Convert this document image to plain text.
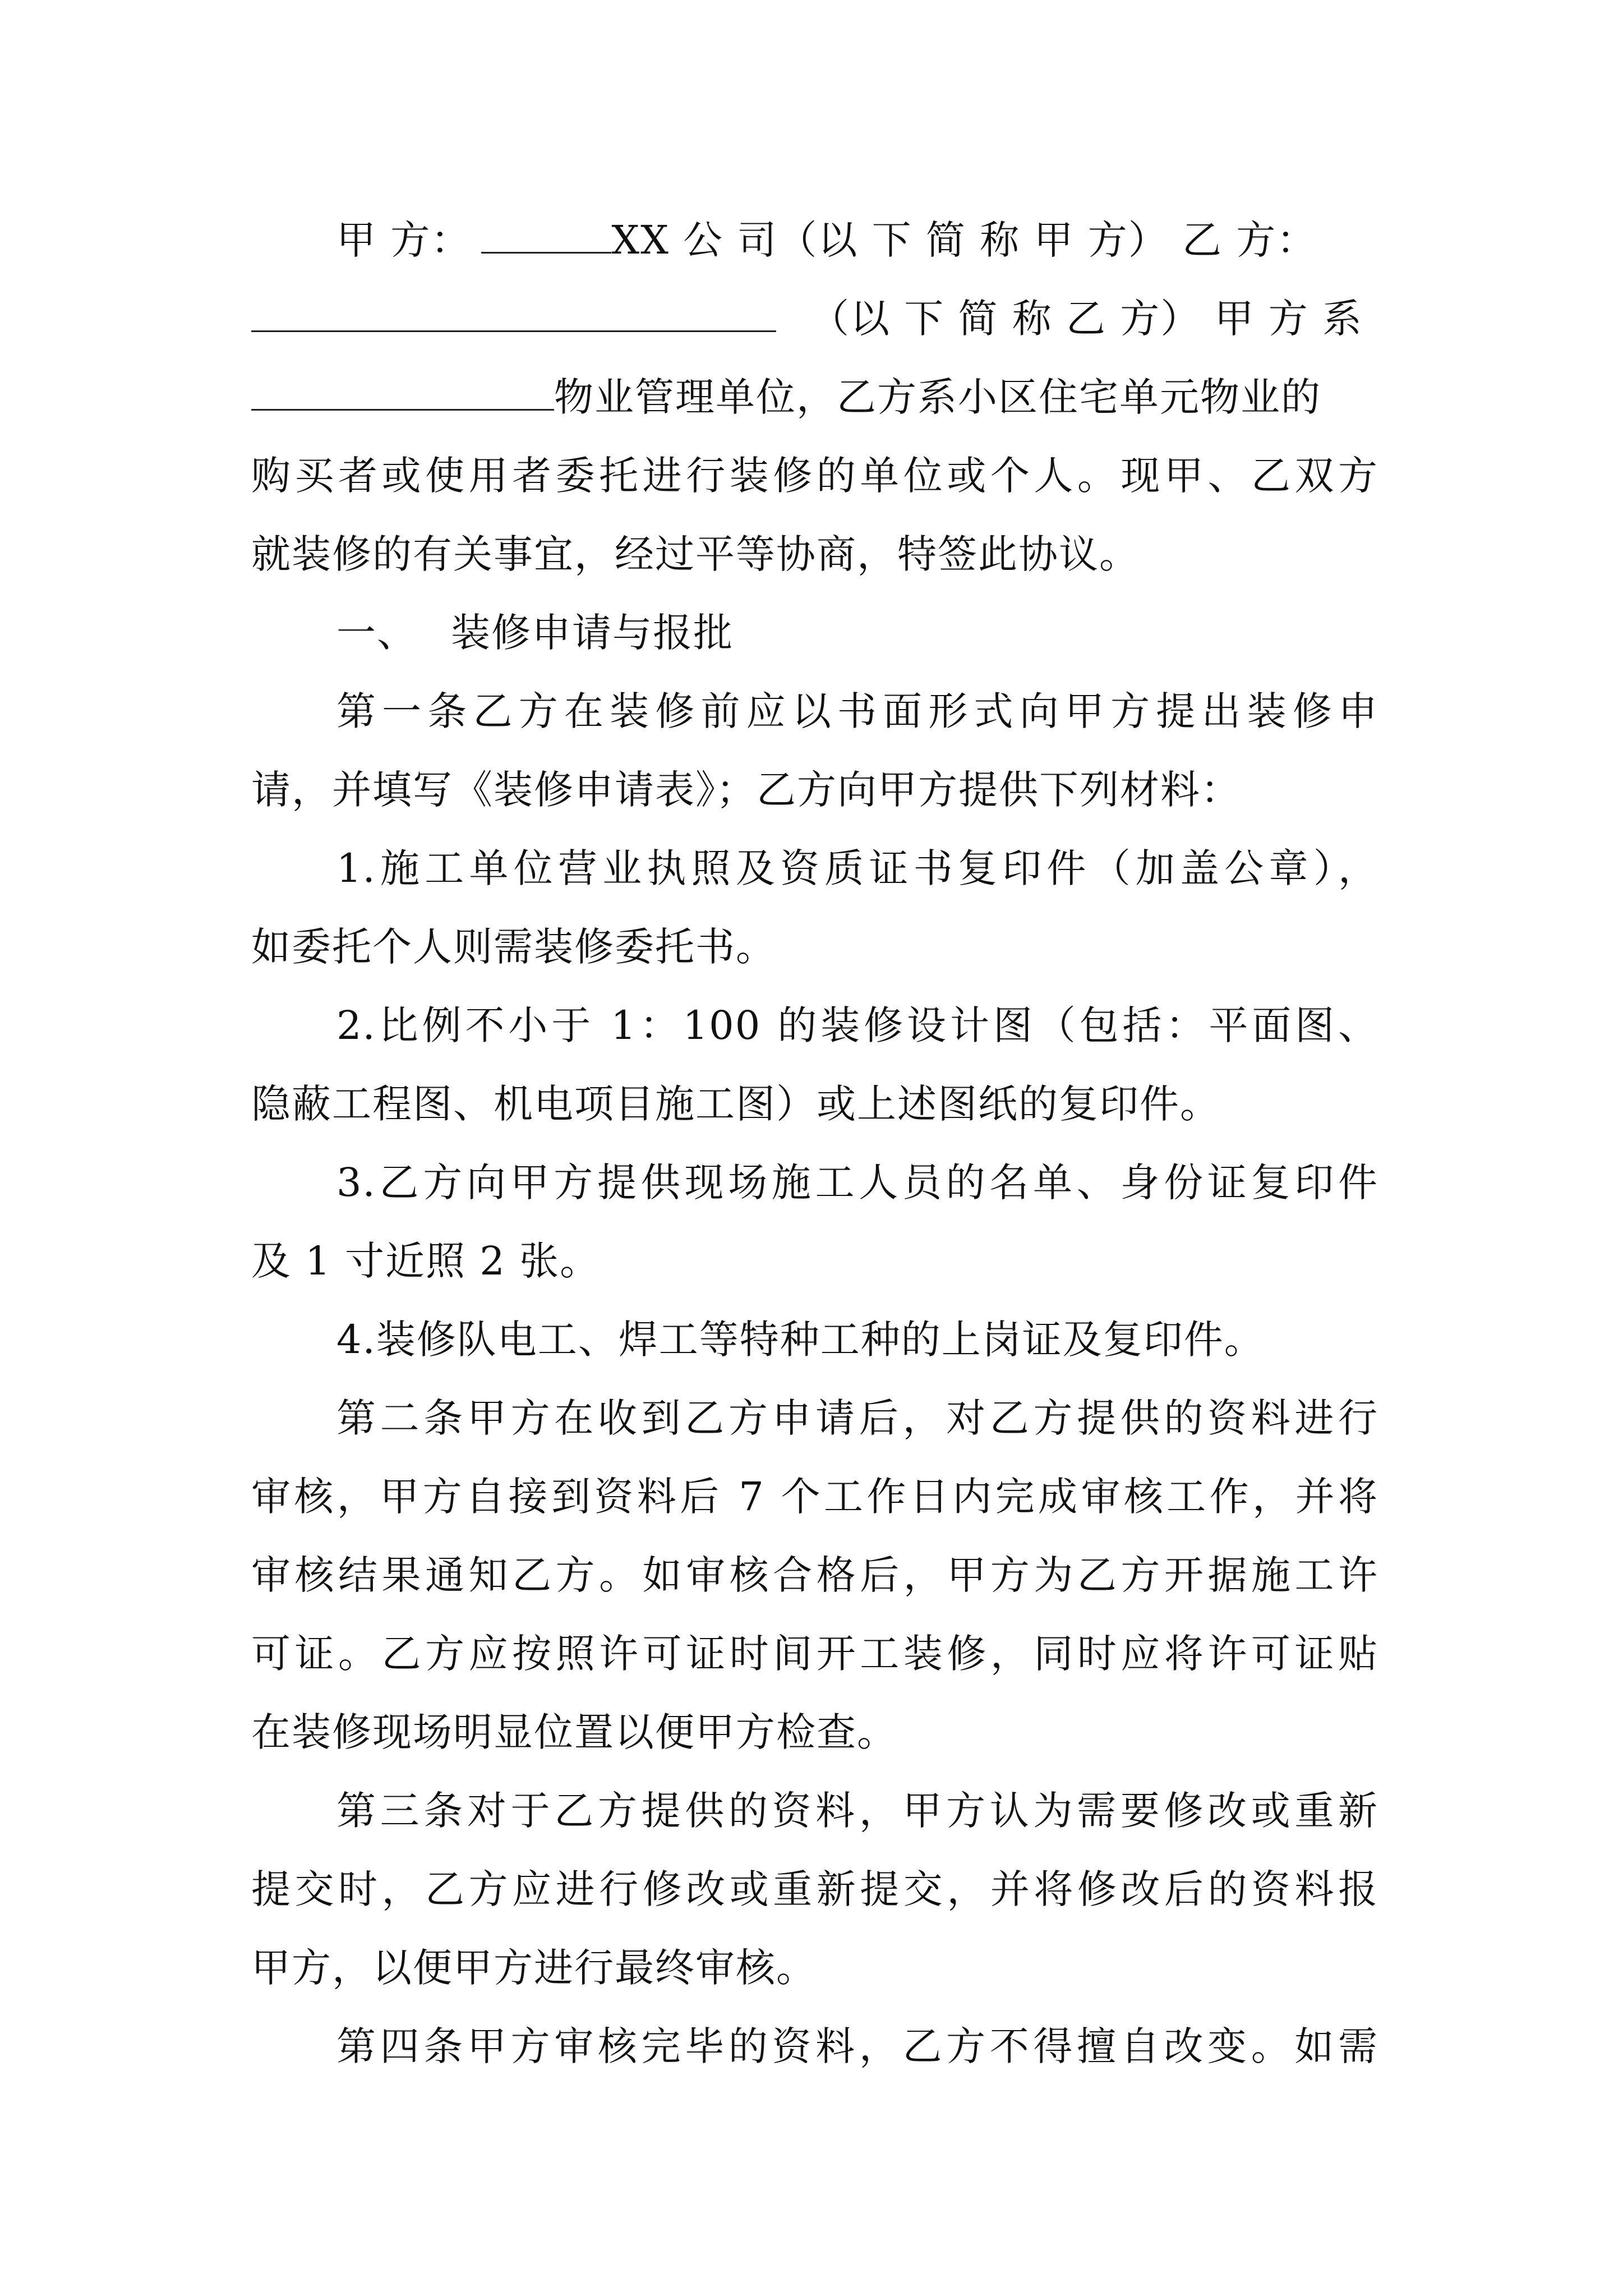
甲 方：	XX 公 司（以 下 简 称 甲 方） 乙 方：
（以 下 简 称 乙 方） 甲 方 系
物业管理单位，乙方系小区住宅单元物业的
购买者或使用者委托进行装修的单位或个人。现甲、乙双方
就装修的有关事宜，经过平等协商，特签此协议。
一、 装修申请与报批
第一条乙方在装修前应以书面形式向甲方提出装修申
请，并填写《装修申请表》；乙方向甲方提供下列材料：
1.施工单位营业执照及资质证书复印件（加盖公章），
如委托个人则需装修委托书。
2.比例不小于 1：100 的装修设计图（包括：平面图、
隐蔽工程图、机电项目施工图）或上述图纸的复印件。
3.乙方向甲方提供现场施工人员的名单、身份证复印件
及 1 寸近照 2 张。
4.装修队电工、焊工等特种工种的上岗证及复印件。
第二条甲方在收到乙方申请后，对乙方提供的资料进行
审核，甲方自接到资料后 7 个工作日内完成审核工作，并将
审核结果通知乙方。如审核合格后，甲方为乙方开据施工许
可证。乙方应按照许可证时间开工装修，同时应将许可证贴
在装修现场明显位置以便甲方检查。
第三条对于乙方提供的资料，甲方认为需要修改或重新
提交时，乙方应进行修改或重新提交，并将修改后的资料报
甲方，以便甲方进行最终审核。
第四条甲方审核完毕的资料，乙方不得擅自改变。如需
